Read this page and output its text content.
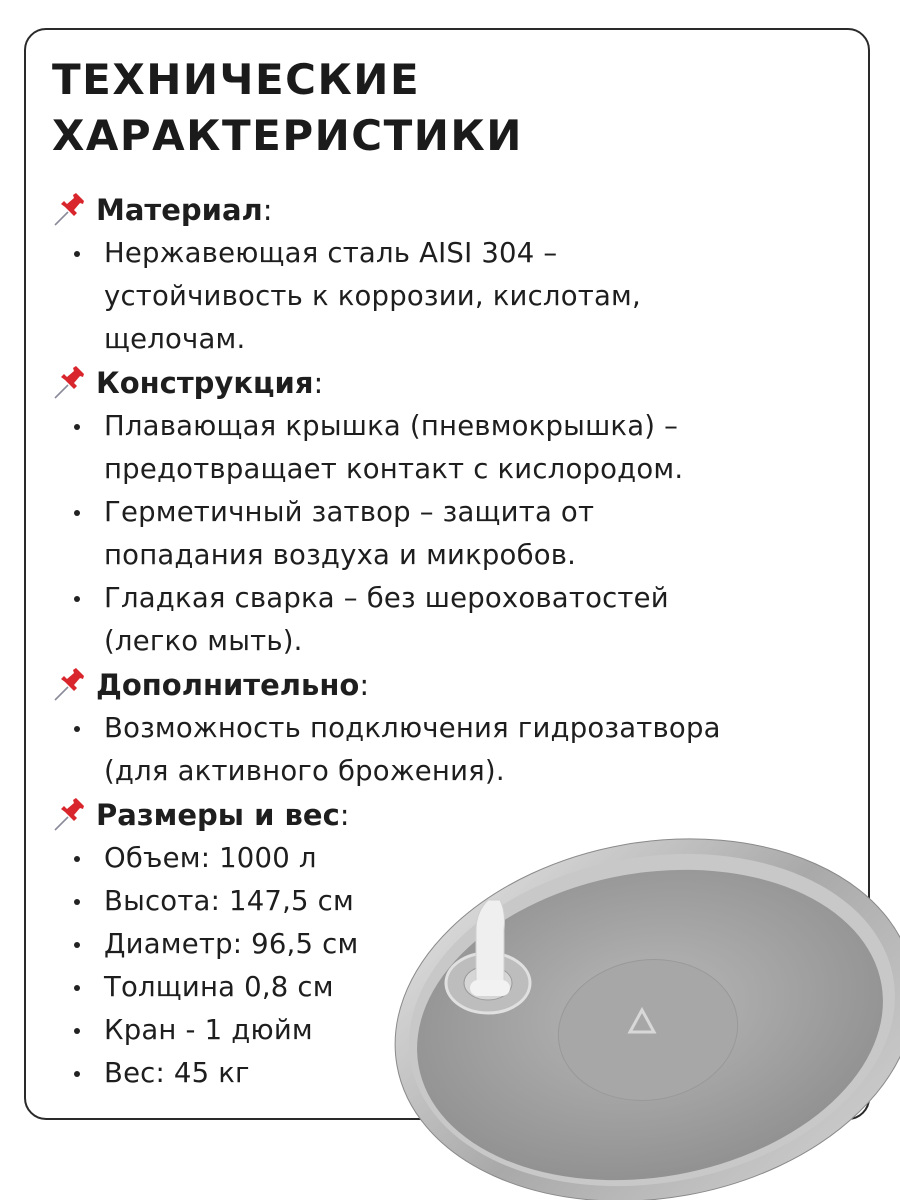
ТЕХНИЧЕСКИЕ
ХАРАКТЕРИСТИКИ
Материал :
Нержавеющая сталь AISI 304 –
устойчивость к коррозии, кислотам,
щелочам.
Конструкция :
Плавающая крышка (пневмокрышка) –
предотвращает контакт с кислородом.
Герметичный затвор – защита от
попадания воздуха и микробов.
Гладкая сварка – без шероховатостей
(легко мыть).
Дополнительно :
Возможность подключения гидрозатвора
(для активного брожения).
Размеры и вес :
Объем: 1000 л
Высота: 147,5 см
Диаметр: 96,5 см
Толщина 0,8 см
Кран - 1 дюйм
Вес: 45 кг
